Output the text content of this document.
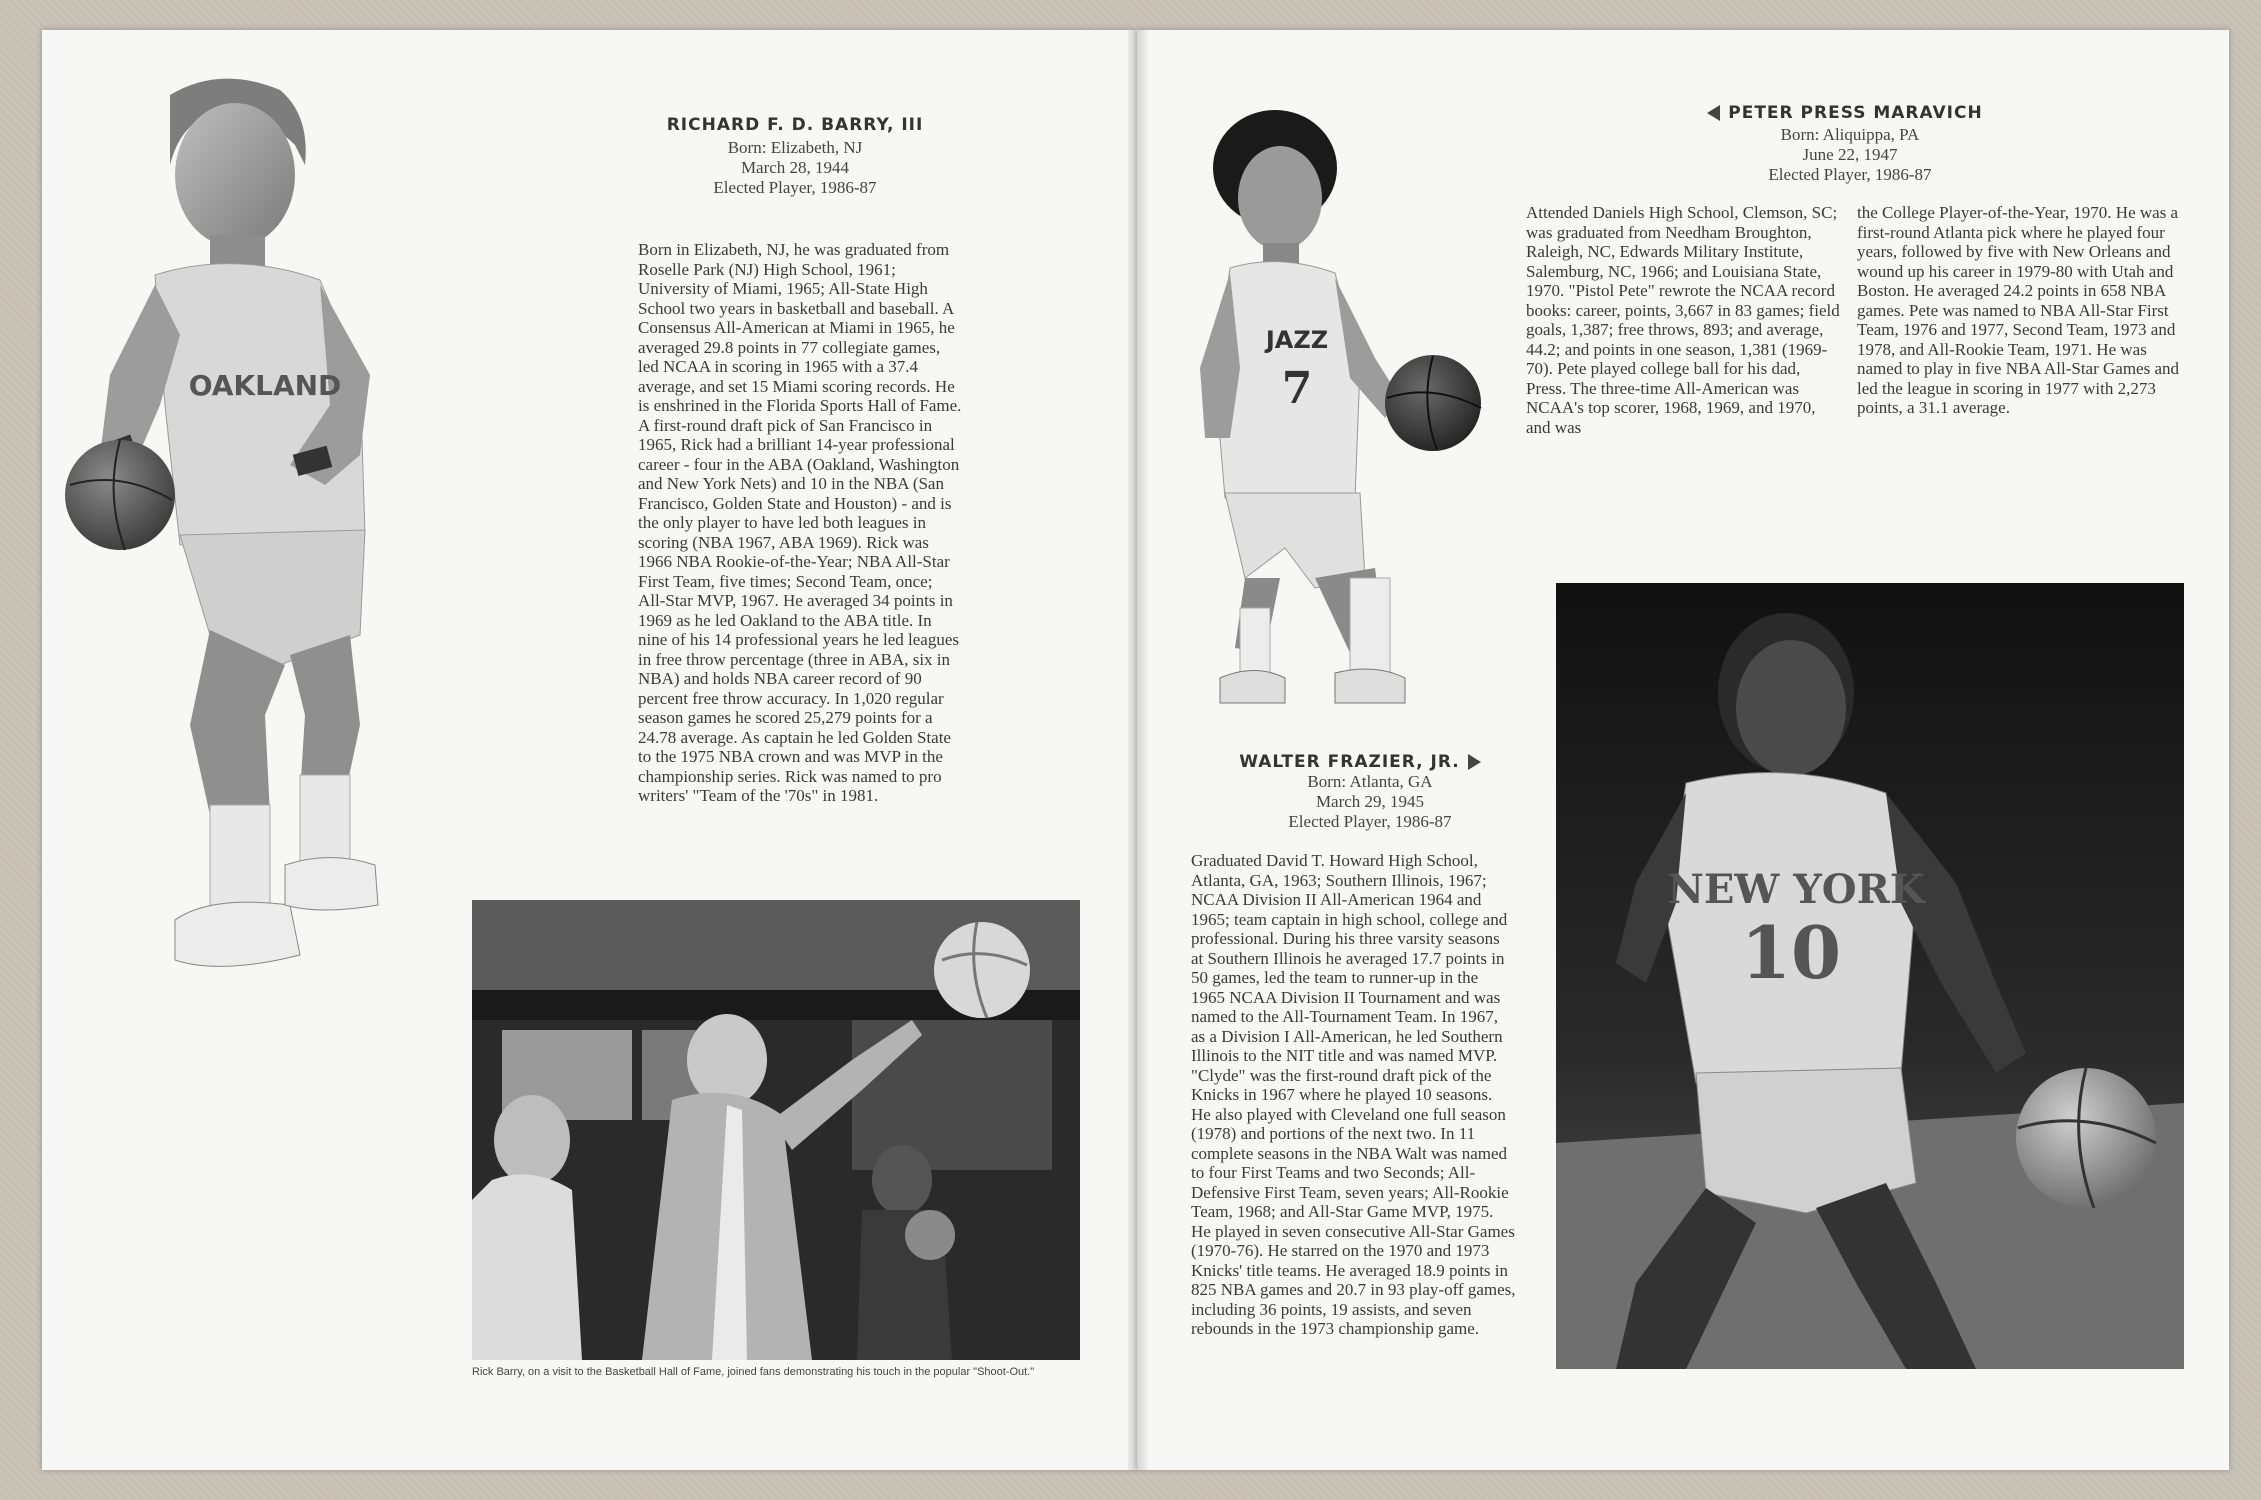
OAKLAND
RICHARD F. D. BARRY, III
Born: Elizabeth, NJ
March 28, 1944
Elected Player, 1986-87
Born in Elizabeth, NJ, he was graduated from Roselle Park (NJ) High School, 1961; University of Miami, 1965; All-State High School two years in basketball and baseball. A Consensus All-American at Miami in 1965, he averaged 29.8 points in 77 collegiate games, led NCAA in scoring in 1965 with a 37.4 average, and set 15 Miami scoring records. He is enshrined in the Florida Sports Hall of Fame. A first-round draft pick of San Francisco in 1965, Rick had a brilliant 14-year professional career - four in the ABA (Oakland, Washington and New York Nets) and 10 in the NBA (San Francisco, Golden State and Houston) - and is the only player to have led both leagues in scoring (NBA 1967, ABA 1969). Rick was 1966 NBA Rookie-of-the-Year; NBA All-Star First Team, five times; Second Team, once; All-Star MVP, 1967. He averaged 34 points in 1969 as he led Oakland to the ABA title. In nine of his 14 professional years he led leagues in free throw percentage (three in ABA, six in NBA) and holds NBA career record of 90 percent free throw accuracy. In 1,020 regular season games he scored 25,279 points for a 24.78 average. As captain he led Golden State to the 1975 NBA crown and was MVP in the championship series. Rick was named to pro writers' "Team of the '70s" in 1981.
Rick Barry, on a visit to the Basketball Hall of Fame, joined fans demonstrating his touch in the popular "Shoot-Out."
JAZZ
7
PETER PRESS MARAVICH
Born: Aliquippa, PA
June 22, 1947
Elected Player, 1986-87
Attended Daniels High School, Clemson, SC; was graduated from Needham Broughton, Raleigh, NC, Edwards Military Institute, Salemburg, NC, 1966; and Louisiana State, 1970. "Pistol Pete" rewrote the NCAA record books: career, points, 3,667 in 83 games; field goals, 1,387; free throws, 893; and average, 44.2; and points in one season, 1,381 (1969-70). Pete played college ball for his dad, Press. The three-time All-American was NCAA's top scorer, 1968, 1969, and 1970, and was
the College Player-of-the-Year, 1970. He was a first-round Atlanta pick where he played four years, followed by five with New Orleans and wound up his career in 1979-80 with Utah and Boston. He averaged 24.2 points in 658 NBA games. Pete was named to NBA All-Star First Team, 1976 and 1977, Second Team, 1973 and 1978, and All-Rookie Team, 1971. He was named to play in five NBA All-Star Games and led the league in scoring in 1977 with 2,273 points, a 31.1 average.
WALTER FRAZIER, JR.
Born: Atlanta, GA
March 29, 1945
Elected Player, 1986-87
Graduated David T. Howard High School, Atlanta, GA, 1963; Southern Illinois, 1967; NCAA Division II All-American 1964 and 1965; team captain in high school, college and professional. During his three varsity seasons at Southern Illinois he averaged 17.7 points in 50 games, led the team to runner-up in the 1965 NCAA Division II Tournament and was named to the All-Tournament Team. In 1967, as a Division I All-American, he led Southern Illinois to the NIT title and was named MVP. "Clyde" was the first-round draft pick of the Knicks in 1967 where he played 10 seasons. He also played with Cleveland one full season (1978) and portions of the next two. In 11 complete seasons in the NBA Walt was named to four First Teams and two Seconds; All-Defensive First Team, seven years; All-Rookie Team, 1968; and All-Star Game MVP, 1975. He played in seven consecutive All-Star Games (1970-76). He starred on the 1970 and 1973 Knicks' title teams. He averaged 18.9 points in 825 NBA games and 20.7 in 93 play-off games, including 36 points, 19 assists, and seven rebounds in the 1973 championship game.
NEW YORK
10
